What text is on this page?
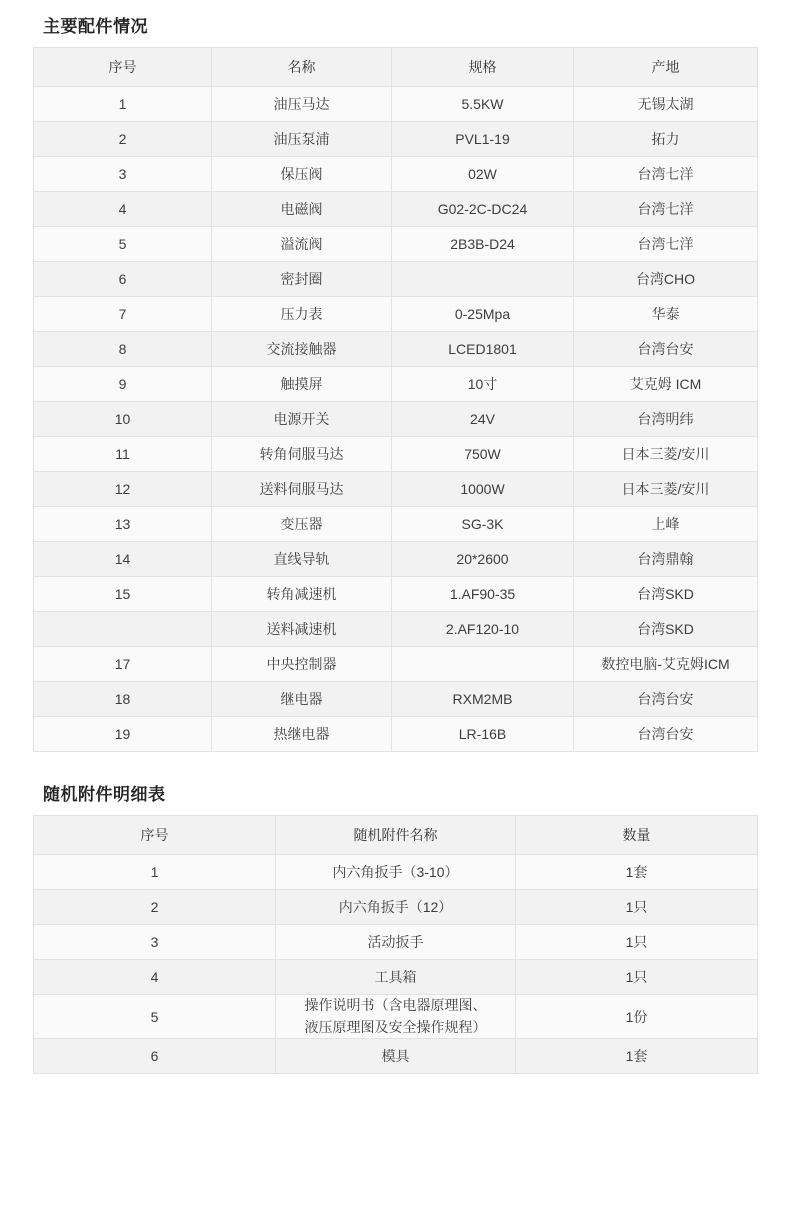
主要配件情况
序号	名称	规格	产地
1	油压马达	5.5KW	无锡太湖
2	油压泵浦	PVL1-19	拓力
3	保压阀	02W	台湾七洋
4	电磁阀	G02-2C-DC24	台湾七洋
5	溢流阀	2B3B-D24	台湾七洋
6	密封圈		台湾CHO
7	压力表	0-25Mpa	华泰
8	交流接触器	LCED1801	台湾台安
9	触摸屏	10寸	艾克姆 ICM
10	电源开关	24V	台湾明纬
11	转角伺服马达	750W	日本三菱/安川
12	送料伺服马达	1000W	日本三菱/安川
13	变压器	SG-3K	上峰
14	直线导轨	20*2600	台湾鼎翰
15	转角减速机	1.AF90-35	台湾SKD
	送料减速机	2.AF120-10	台湾SKD
17	中央控制器		数控电脑-艾克姆ICM
18	继电器	RXM2MB	台湾台安
19	热继电器	LR-16B	台湾台安
随机附件明细表
序号	随机附件名称	数量
1	内六角扳手（3-10）	1套
2	内六角扳手（12）	1只
3	活动扳手	1只
4	工具箱	1只
5	操作说明书（含电器原理图、
液压原理图及安全操作规程）	1份
6	模具	1套
